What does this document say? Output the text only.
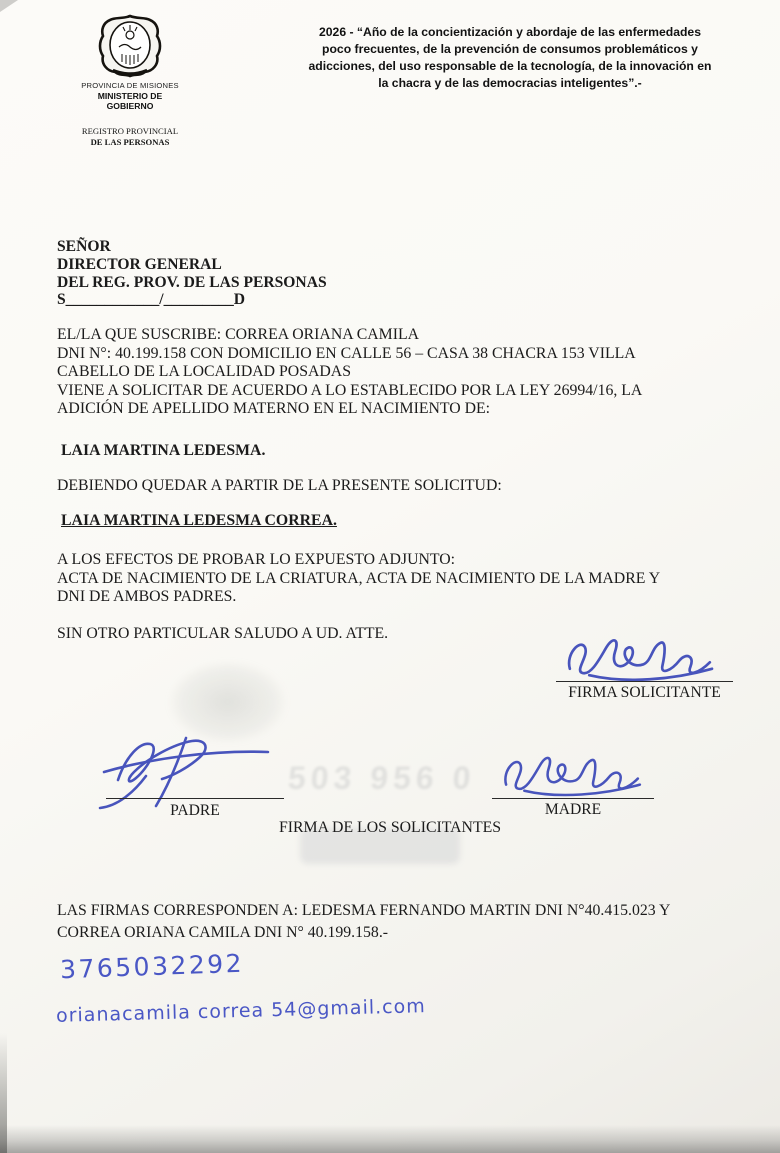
503 956 0
PROVINCIA DE MISIONES
MINISTERIO DE GOBIERNO
REGISTRO PROVINCIAL
DE LAS PERSONAS
2026 - “Año de la concientización y abordaje de las enfermedades poco frecuentes, de la prevención de consumos problemáticos y adicciones, del uso responsable de la tecnología, de la innovación en la chacra y de las democracias inteligentes”.-
SEÑOR
DIRECTOR GENERAL
DEL REG. PROV. DE LAS PERSONAS
S____________/_________D
EL/LA QUE SUSCRIBE: CORREA ORIANA CAMILA
DNI N°: 40.199.158 CON DOMICILIO EN CALLE 56 – CASA 38 CHACRA 153 VILLA
CABELLO DE LA LOCALIDAD POSADAS
VIENE A SOLICITAR DE ACUERDO A LO ESTABLECIDO POR LA LEY 26994/16, LA
ADICIÓN DE APELLIDO MATERNO EN EL NACIMIENTO DE:
LAIA MARTINA LEDESMA.
DEBIENDO QUEDAR A PARTIR DE LA PRESENTE SOLICITUD:
LAIA MARTINA LEDESMA CORREA.
A LOS EFECTOS DE PROBAR LO EXPUESTO ADJUNTO:
ACTA DE NACIMIENTO DE LA CRIATURA, ACTA DE NACIMIENTO DE LA MADRE Y
DNI DE AMBOS PADRES.
SIN OTRO PARTICULAR SALUDO A UD. ATTE.
FIRMA SOLICITANTE
PADRE	MADRE
FIRMA DE LOS SOLICITANTES
LAS FIRMAS CORRESPONDEN A: LEDESMA FERNANDO MARTIN DNI N°40.415.023 Y
CORREA ORIANA CAMILA DNI N° 40.199.158.-
3765032292
orianacamila correa 54@gmail.com
